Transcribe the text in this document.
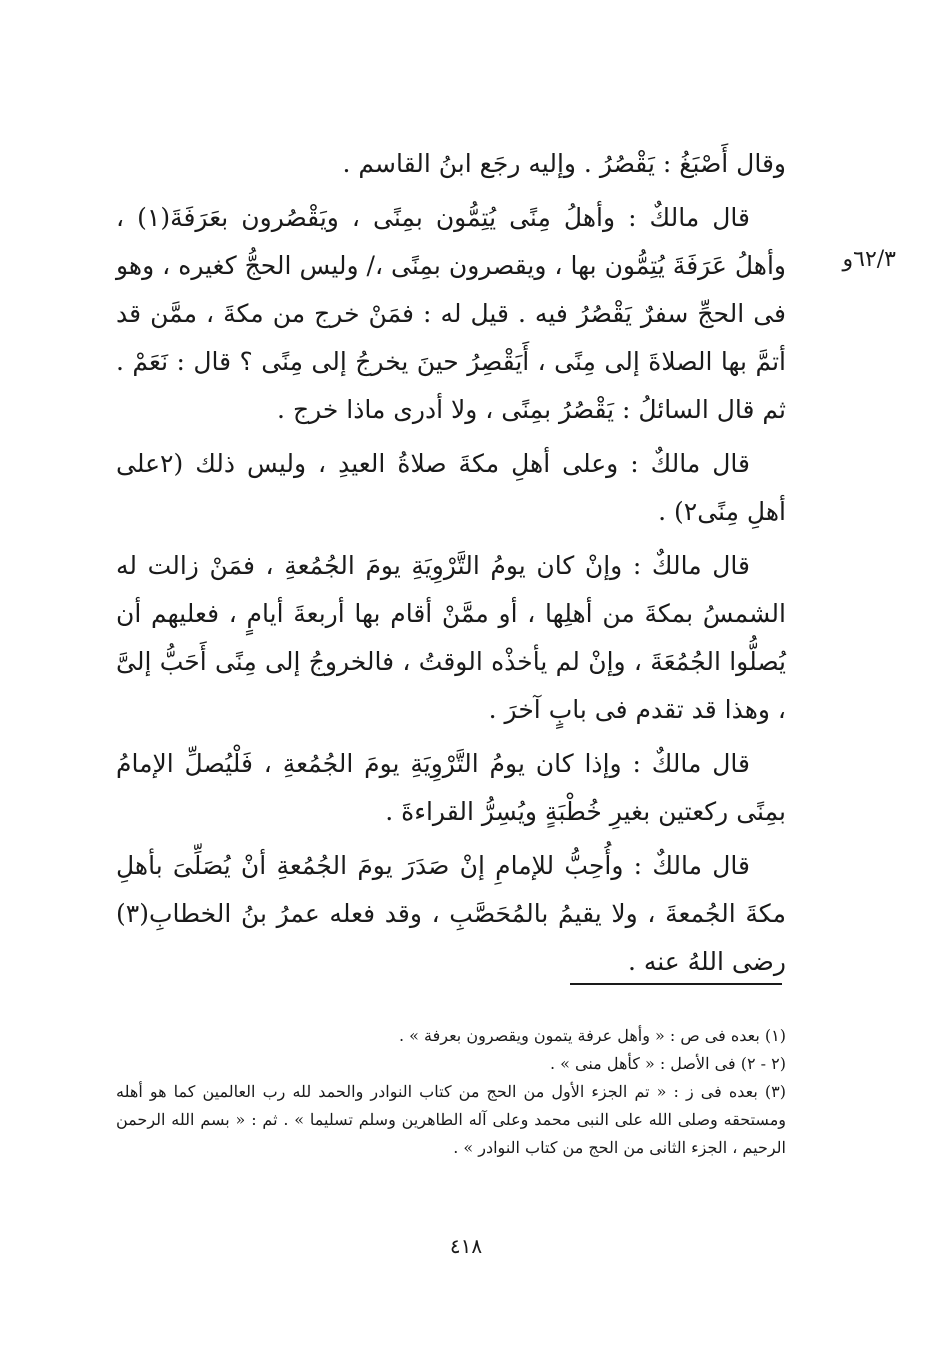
٦٢/٣و

وقال أَصْبَغُ : يَقْصُرُ . وإليه رجَع ابنُ القاسم .

قال مالكٌ : وأهلُ مِنًى يُتِمُّون بمِنًى ، ويَقْصُرون بعَرَفَةَ(١) ، وأهلُ عَرَفَةَ يُتِمُّون بها ، ويقصرون بمِنًى ،/ وليس الحجُّ كغيره ، وهو فى الحجِّ سفرٌ يَقْصُرُ فيه . قيل له : فمَنْ خرج من مكةَ ، ممَّن قد أتمَّ بها الصلاةَ إلى مِنًى ، أَيَقْصِرُ حينَ يخرجُ إلى مِنًى ؟ قال : نَعَمْ . ثم قال السائلُ : يَقْصُرُ بمِنًى ، ولا أدرى ماذا خرج .

قال مالكٌ : وعلى أهلِ مكةَ صلاةُ العيدِ ، وليس ذلك (٢على أهلِ مِنًى٢) .

قال مالكٌ : وإنْ كان يومُ التَّرْوِيَةِ يومَ الجُمُعةِ ، فمَنْ زالت له الشمسُ بمكةَ من أهلِها ، أو ممَّنْ أقام بها أربعةَ أيامٍ ، فعليهم أن يُصلُّوا الجُمُعَةَ ، وإنْ لم يأخذْه الوقتُ ، فالخروجُ إلى مِنًى أَحَبُّ إلىَّ ، وهذا قد تقدم فى بابٍ آخرَ .

قال مالكٌ : وإذا كان يومُ التَّرْوِيَةِ يومَ الجُمُعةِ ، فَلْيُصلِّ الإمامُ بمِنًى ركعتين بغيرِ خُطْبَةٍ ويُسِرُّ القراءةَ .

قال مالكٌ : وأُحِبُّ للإمامِ إنْ صَدَرَ يومَ الجُمُعةِ أنْ يُصَلِّىَ بأهلِ مكةَ الجُمعةَ ، ولا يقيمُ بالمُحَصَّبِ ، وقد فعله عمرُ بنُ الخطابِ(٣) رضى اللهُ عنه .

(١) بعده فى ص : « وأهل عرفة يتمون ويقصرون بعرفة » .

(٢ - ٢) فى الأصل : « كأهل منى » .

(٣) بعده فى ز : « تم الجزء الأول من الحج من كتاب النوادر والحمد لله رب العالمين كما هو أهله ومستحقه وصلى الله على النبى محمد وعلى آله الطاهرين وسلم تسليما » . ثم : « بسم الله الرحمن الرحيم ، الجزء الثانى من الحج من كتاب النوادر » .

٤١٨
